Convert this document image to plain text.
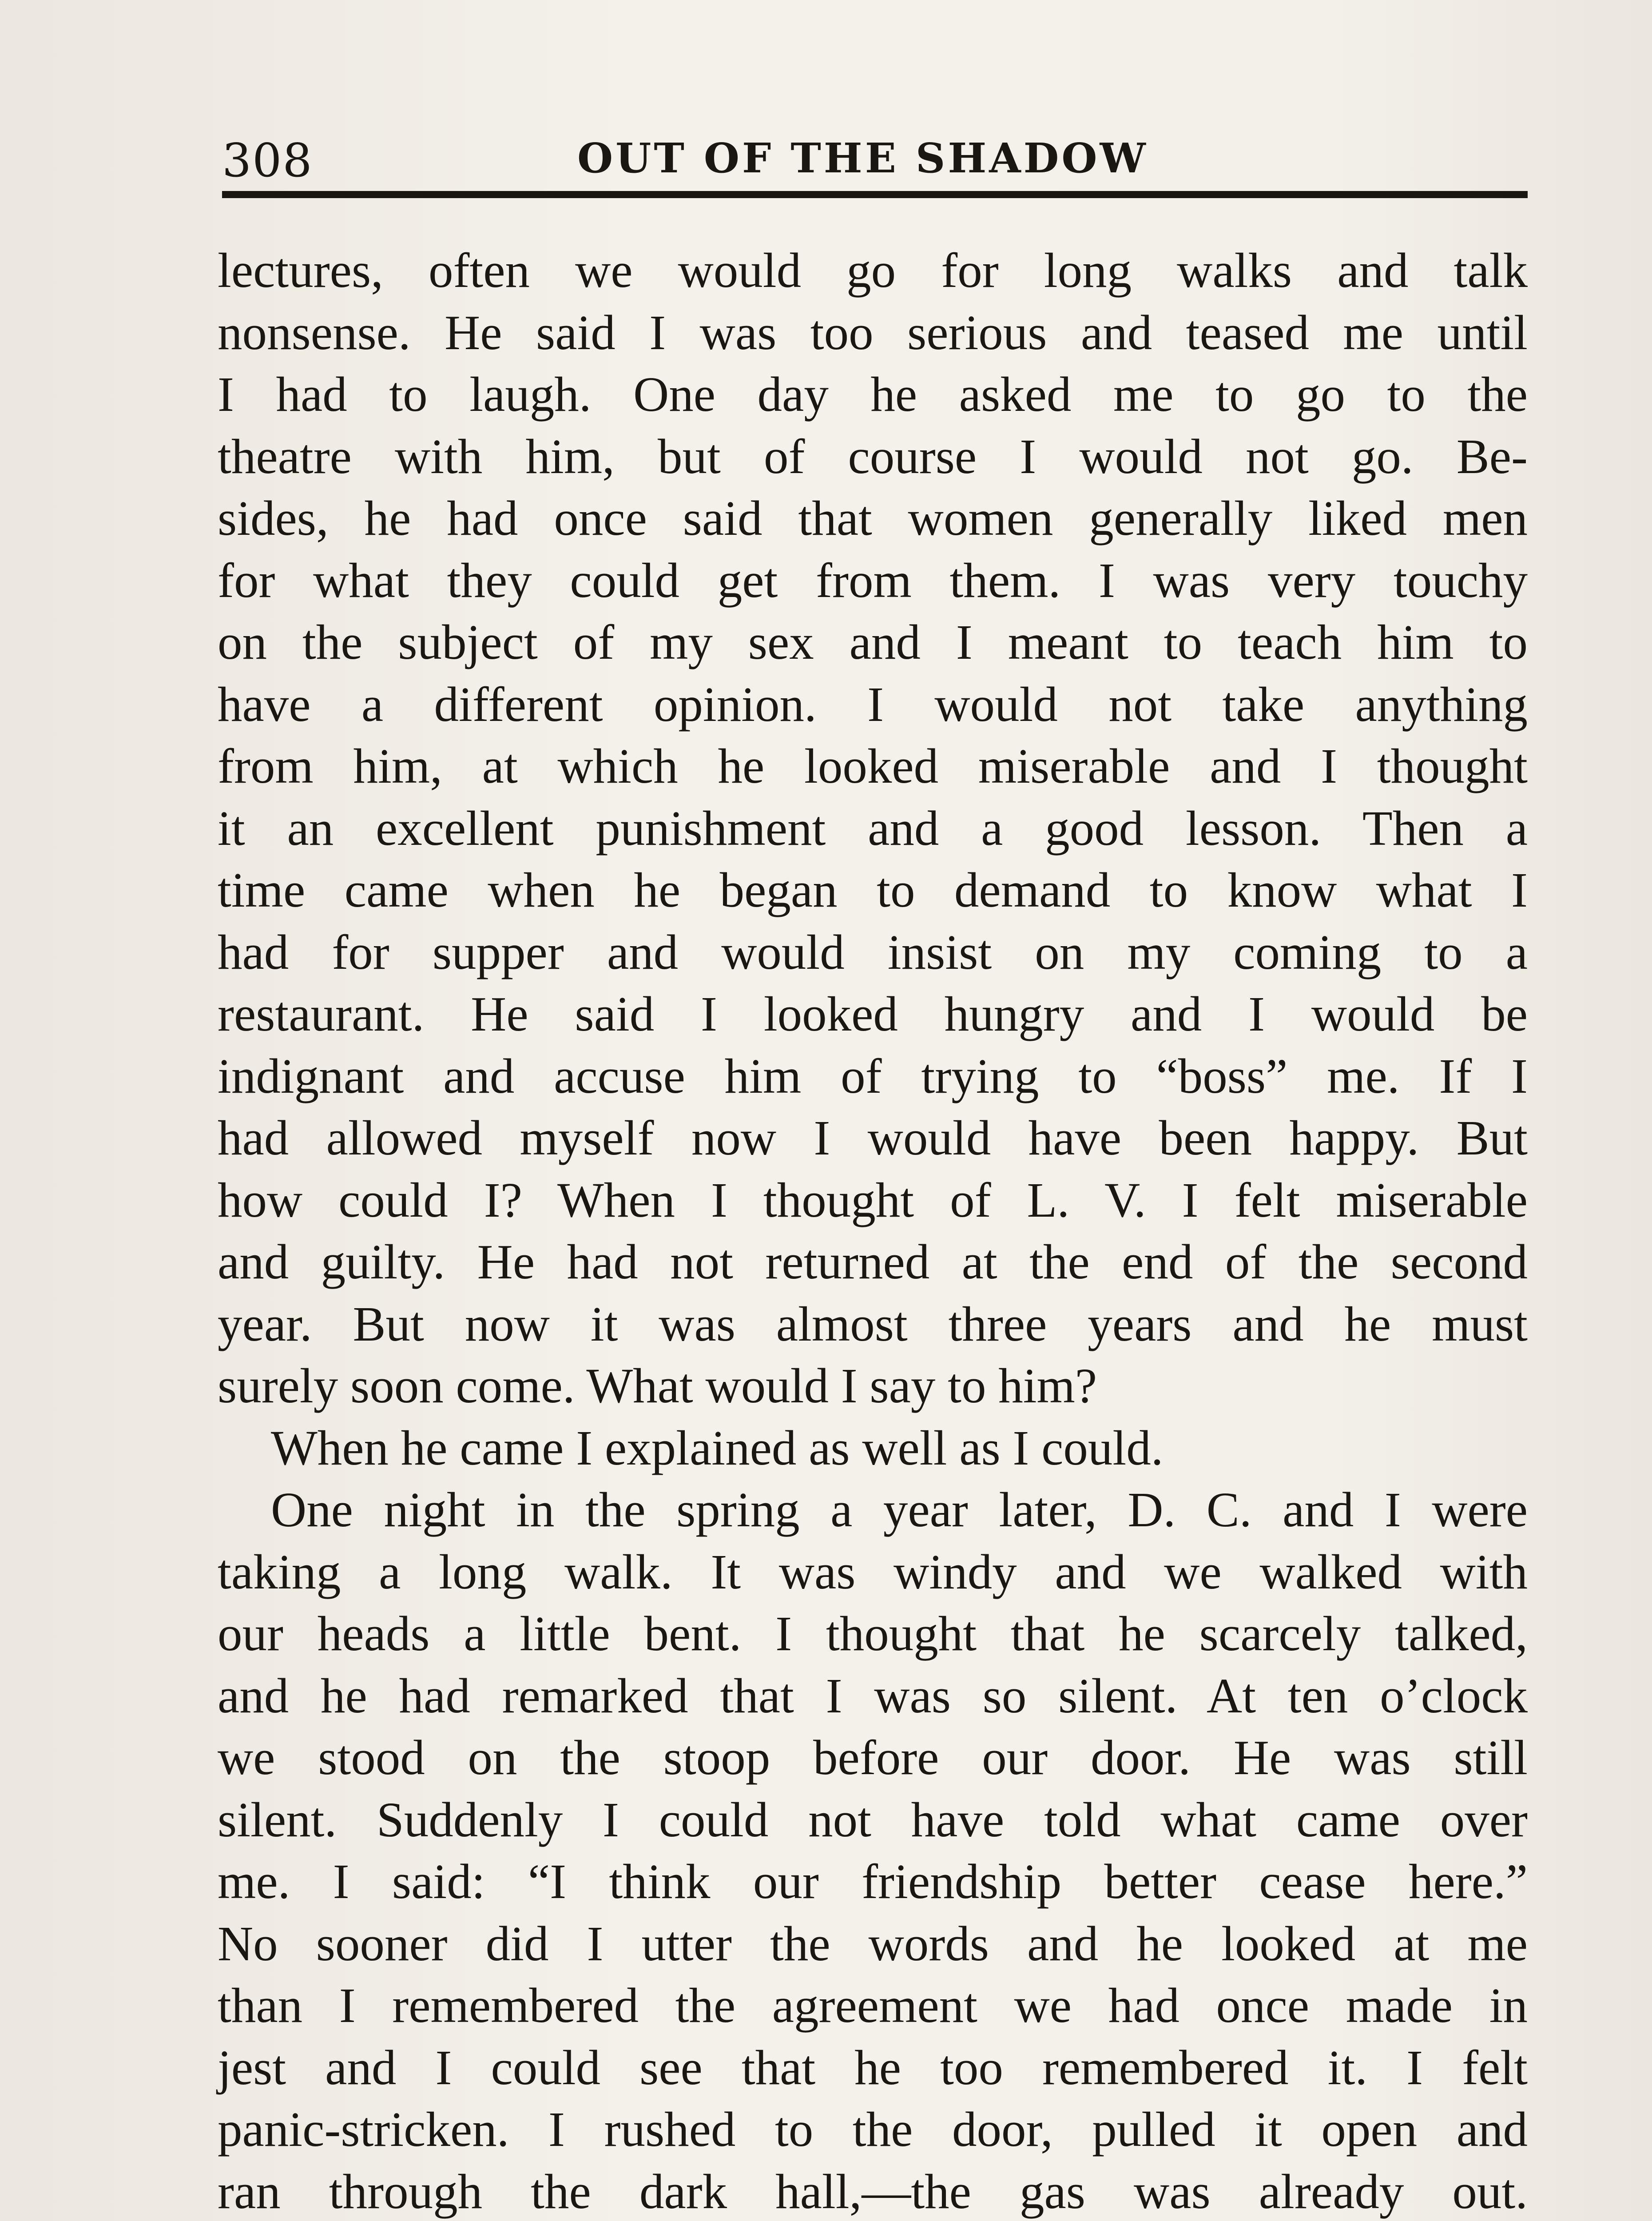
308	OUT OF THE SHADOW
lectures, often we would go for long walks and talk
nonsense. He said I was too serious and teased me until
I had to laugh. One day he asked me to go to the
theatre with him, but of course I would not go. Be-
sides, he had once said that women generally liked men
for what they could get from them. I was very touchy
on the subject of my sex and I meant to teach him to
have a different opinion. I would not take anything
from him, at which he looked miserable and I thought
it an excellent punishment and a good lesson. Then a
time came when he began to demand to know what I
had for supper and would insist on my coming to a
restaurant. He said I looked hungry and I would be
indignant and accuse him of trying to “boss” me. If I
had allowed myself now I would have been happy. But
how could I? When I thought of L. V. I felt miserable
and guilty. He had not returned at the end of the second
year. But now it was almost three years and he must
surely soon come. What would I say to him?
When he came I explained as well as I could.
One night in the spring a year later, D. C. and I were
taking a long walk. It was windy and we walked with
our heads a little bent. I thought that he scarcely talked,
and he had remarked that I was so silent. At ten o’clock
we stood on the stoop before our door. He was still
silent. Suddenly I could not have told what came over
me. I said: “I think our friendship better cease here.”
No sooner did I utter the words and he looked at me
than I remembered the agreement we had once made in
jest and I could see that he too remembered it. I felt
panic-stricken. I rushed to the door, pulled it open and
ran through the dark hall,—the gas was already out.
